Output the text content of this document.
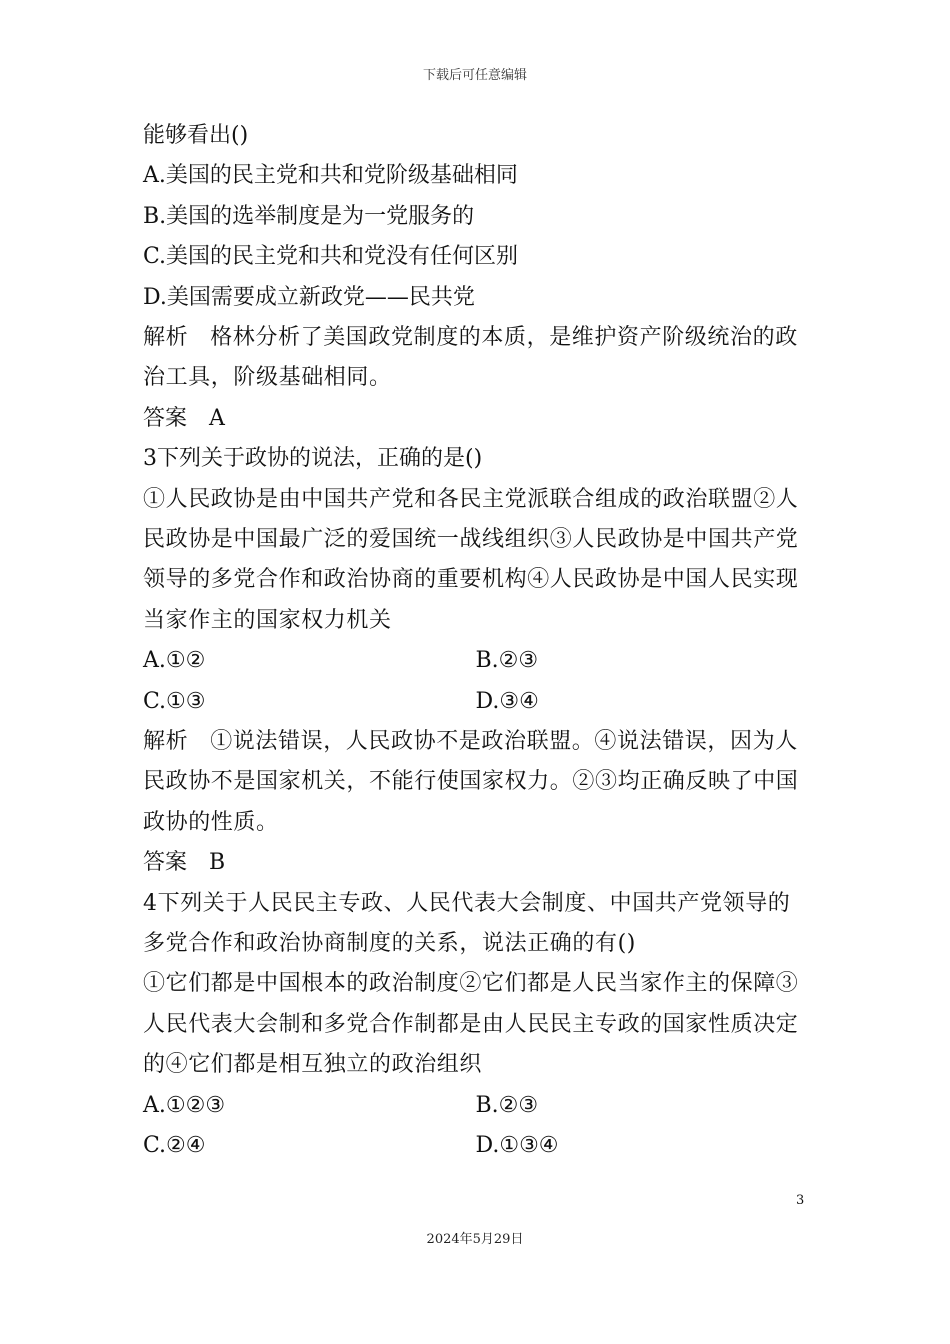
下载后可任意编辑
能够看出()
A.美国的民主党和共和党阶级基础相同
B.美国的选举制度是为一党服务的
C.美国的民主党和共和党没有任何区别
D.美国需要成立新政党——民共党
解析 格林分析了美国政党制度的本质，是维护资产阶级统治的政治工具，阶级基础相同。
答案 A
3下列关于政协的说法，正确的是()
①人民政协是由中国共产党和各民主党派联合组成的政治联盟②人民政协是中国最广泛的爱国统一战线组织③人民政协是中国共产党领导的多党合作和政治协商的重要机构④人民政协是中国人民实现当家作主的国家权力机关
A.①②	B.②③
C.①③	D.③④
解析 ①说法错误，人民政协不是政治联盟。④说法错误，因为人民政协不是国家机关，不能行使国家权力。②③均正确反映了中国政协的性质。
答案 B
4下列关于人民民主专政、人民代表大会制度、中国共产党领导的多党合作和政治协商制度的关系，说法正确的有()
①它们都是中国根本的政治制度②它们都是人民当家作主的保障③人民代表大会制和多党合作制都是由人民民主专政的国家性质决定的④它们都是相互独立的政治组织
A.①②③	B.②③
C.②④	D.①③④
3
2024年5月29日
